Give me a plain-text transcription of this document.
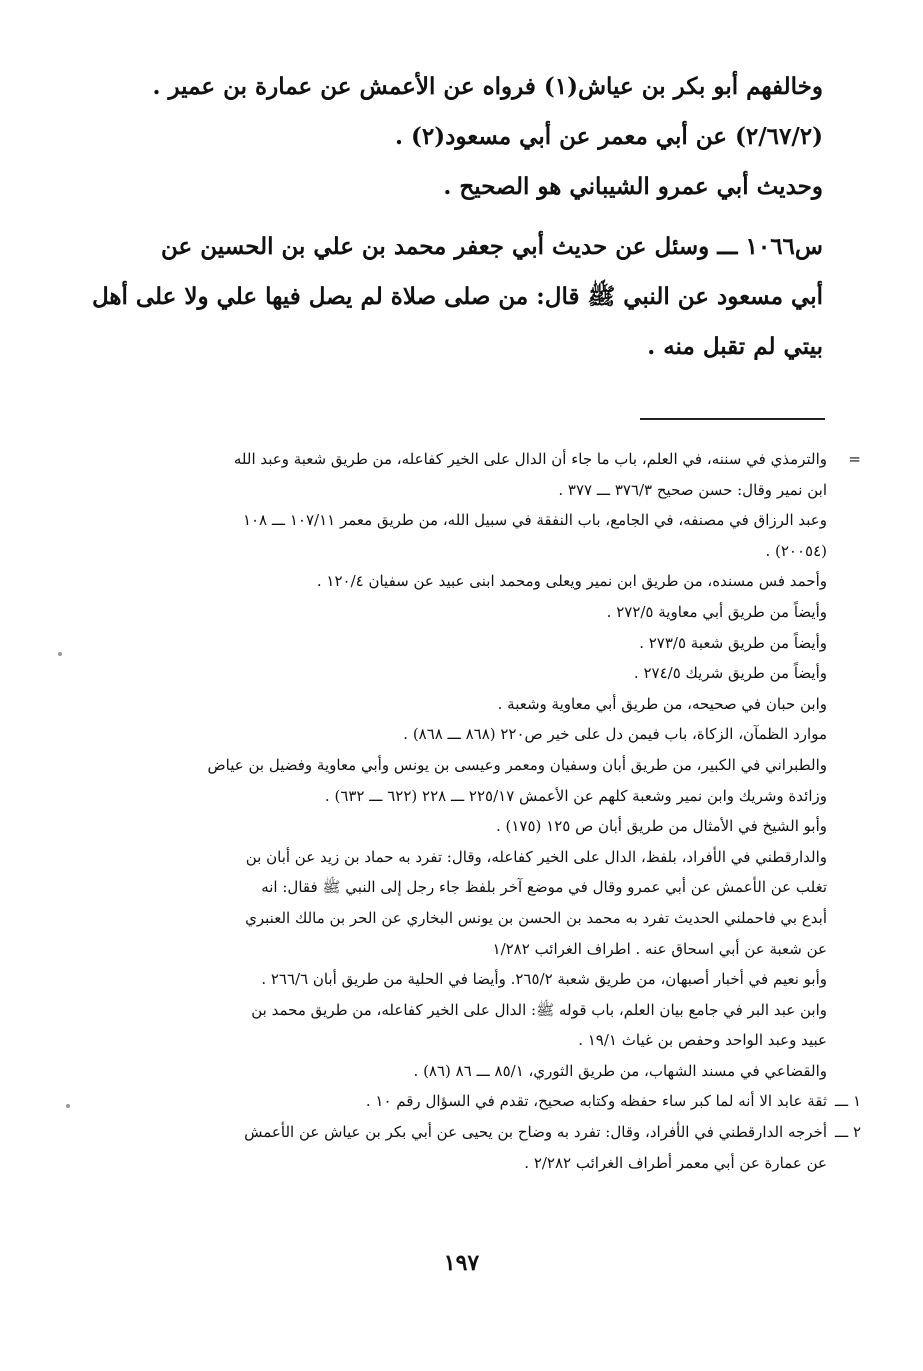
وخالفهم أبو بكر بن عياش(١) فرواه عن الأعمش عن عمارة بن عمير .
(٢/٦٧/٢) عن أبي معمر عن أبي مسعود(٢) .
وحديث أبي عمرو الشيباني هو الصحيح .
س١٠٦٦ ـــ وسئل عن حديث أبي جعفر محمد بن علي بن الحسين عن
أبي مسعود عن النبي ﷺ قال: من صلى صلاة لم يصل فيها علي ولا على أهل
بيتي لم تقبل منه .
=
والترمذي في سننه، في العلم، باب ما جاء أن الدال على الخير كفاعله، من طريق شعبة وعبد الله
ابن نمير وقال: حسن صحيح ٣٧٦/٣ ـــ ٣٧٧ .
وعبد الرزاق في مصنفه، في الجامع، باب النفقة في سبيل الله، من طريق معمر ١٠٧/١١ ـــ ١٠٨
(٢٠٠٥٤) .
وأحمد فس مسنده، من طريق ابن نمير ويعلى ومحمد ابنى عبيد عن سفيان ١٢٠/٤ .
وأيضاً من طريق أبي معاوية ٢٧٢/٥ .
وأيضاً من طريق شعبة ٢٧٣/٥ .
وأيضاً من طريق شريك ٢٧٤/٥ .
وابن حبان في صحيحه، من طريق أبي معاوية وشعبة .
موارد الظمآن، الزكاة، باب فيمن دل على خير ص٢٢٠ (٨٦٨ ـــ ٨٦٨) .
والطبراني في الكبير، من طريق أبان وسفيان ومعمر وعيسى بن يونس وأبي معاوية وفضيل بن عياض
وزائدة وشريك وابن نمير وشعبة كلهم عن الأعمش ٢٢٥/١٧ ـــ ٢٢٨ (٦٢٢ ـــ ٦٣٢) .
وأبو الشيخ في الأمثال من طريق أبان ص ١٢٥ (١٧٥) .
والدارقطني في الأفراد، بلفظ، الدال على الخير كفاعله، وقال: تفرد به حماد بن زيد عن أبان بن
تغلب عن الأعمش عن أبي عمرو وقال في موضع آخر بلفظ جاء رجل إلى النبي ﷺ فقال: انه
أبدع بي فاحملني الحديث تفرد به محمد بن الحسن بن يونس البخاري عن الحر بن مالك العنبري
عن شعبة عن أبي اسحاق عنه . اطراف الغرائب ١/٢٨٢
وأبو نعيم في أخبار أصبهان، من طريق شعبة ٢٦٥/٢. وأيضا في الحلية من طريق أبان ٢٦٦/٦ .
وابن عبد البر في جامع بيان العلم، باب قوله ﷺ: الدال على الخير كفاعله، من طريق محمد بن
عبيد وعبد الواحد وحفص بن غياث ١٩/١ .
والقضاعي في مسند الشهاب، من طريق الثوري، ٨٥/١ ـــ ٨٦ (٨٦) .
١ ـــ
ثقة عابد الا أنه لما كبر ساء حفظه وكتابه صحيح، تقدم في السؤال رقم ١٠ .
٢ ـــ
أخرجه الدارقطني في الأفراد، وقال: تفرد به وضاح بن يحيى عن أبي بكر بن عياش عن الأعمش
عن عمارة عن أبي معمر أطراف الغرائب ٢/٢٨٢ .
١٩٧
